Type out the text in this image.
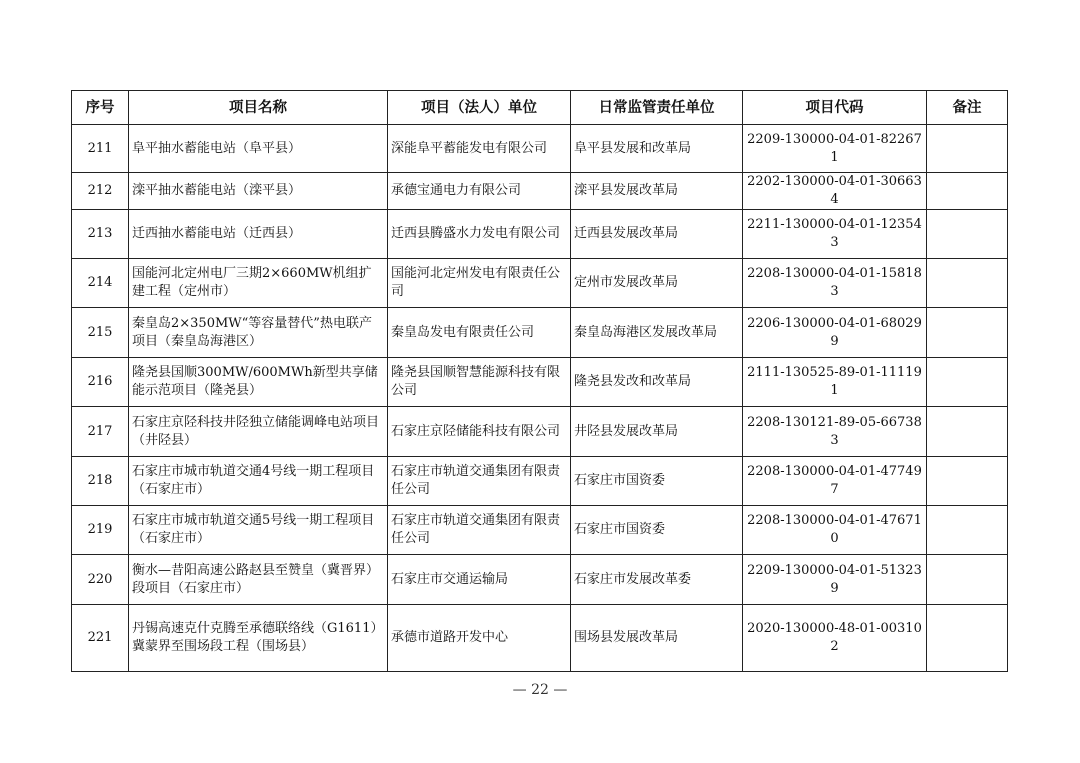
序号	项目名称	项目（法人）单位	日常监管责任单位	项目代码	备注
211	阜平抽水蓄能电站（阜平县）	深能阜平蓄能发电有限公司	阜平县发展和改革局	2209-130000-04-01-822671	
212	滦平抽水蓄能电站（滦平县）	承德宝通电力有限公司	滦平县发展改革局	2202-130000-04-01-306634	
213	迁西抽水蓄能电站（迁西县）	迁西县腾盛水力发电有限公司	迁西县发展改革局	2211-130000-04-01-123543	
214	国能河北定州电厂三期2×660MW机组扩建工程（定州市）	国能河北定州发电有限责任公司	定州市发展改革局	2208-130000-04-01-158183	
215	秦皇岛2×350MW“等容量替代”热电联产项目（秦皇岛海港区）	秦皇岛发电有限责任公司	秦皇岛海港区发展改革局	2206-130000-04-01-680299	
216	隆尧县国顺300MW/600MWh新型共享储能示范项目（隆尧县）	隆尧县国顺智慧能源科技有限公司	隆尧县发改和改革局	2111-130525-89-01-111191	
217	石家庄京陉科技井陉独立储能调峰电站项目（井陉县）	石家庄京陉储能科技有限公司	井陉县发展改革局	2208-130121-89-05-667383	
218	石家庄市城市轨道交通4号线一期工程项目（石家庄市）	石家庄市轨道交通集团有限责任公司	石家庄市国资委	2208-130000-04-01-477497	
219	石家庄市城市轨道交通5号线一期工程项目（石家庄市）	石家庄市轨道交通集团有限责任公司	石家庄市国资委	2208-130000-04-01-476710	
220	衡水—昔阳高速公路赵县至赞皇（冀晋界）段项目（石家庄市）	石家庄市交通运输局	石家庄市发展改革委	2209-130000-04-01-513239	
221	丹锡高速克什克腾至承德联络线（G1611）冀蒙界至围场段工程（围场县）	承德市道路开发中心	围场县发展改革局	2020-130000-48-01-003102	
— 22 —
